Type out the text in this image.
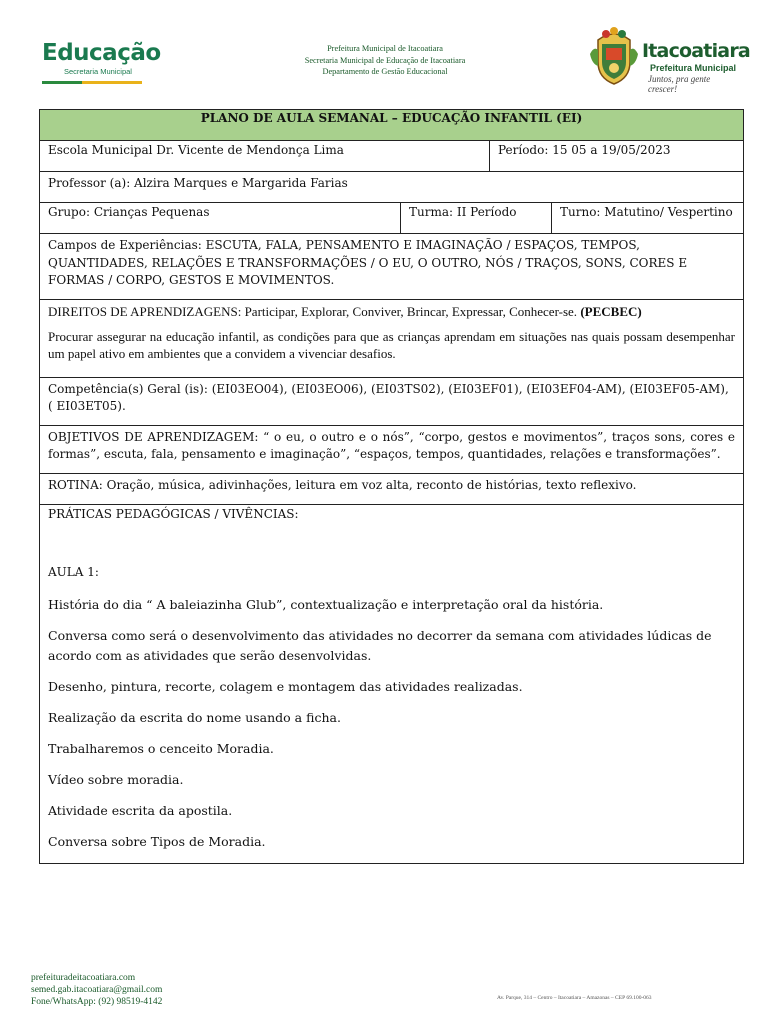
Educação
Secretaria Municipal
Prefeitura Municipal de Itacoatiara
Secretaria Municipal de Educação de Itacoatiara
Departamento de Gestão Educacional
Itacoatiara
Prefeitura Municipal
Juntos, pra gente crescer!
PLANO DE AULA SEMANAL – EDUCAÇÃO INFANTIL (EI)
Escola Municipal Dr. Vicente de Mendonça Lima	Período: 15 05 a 19/05/2023
Professor (a): Alzira Marques e Margarida Farias
Grupo: Crianças Pequenas	Turma: II Período	Turno: Matutino/ Vespertino
Campos de Experiências: ESCUTA, FALA, PENSAMENTO E IMAGINAÇÃO / ESPAÇOS, TEMPOS, QUANTIDADES, RELAÇÕES E TRANSFORMAÇÕES / O EU, O OUTRO, NÓS / TRAÇOS, SONS, CORES E FORMAS / CORPO, GESTOS E MOVIMENTOS.
DIREITOS DE APRENDIZAGENS: Participar, Explorar, Conviver, Brincar, Expressar, Conhecer-se. (PECBEC)
Procurar assegurar na educação infantil, as condições para que as crianças aprendam em situações nas quais possam desempenhar um papel ativo em ambientes que a convidem a vivenciar desafios.
Competência(s) Geral (is): (EI03EO04), (EI03EO06), (EI03TS02), (EI03EF01), (EI03EF04-AM), (EI03EF05-AM), ( EI03ET05).
OBJETIVOS DE APRENDIZAGEM: “ o eu, o outro e o nós”, “corpo, gestos e movimentos”, traços sons, cores e formas”, escuta, fala, pensamento e imaginação”, “espaços, tempos, quantidades, relações e transformações”.
ROTINA: Oração, música, adivinhações, leitura em voz alta, reconto de histórias, texto reflexivo.
PRÁTICAS PEDAGÓGICAS / VIVÊNCIAS:
AULA 1:
História do dia “ A baleiazinha Glub”, contextualização e interpretação oral da história.
Conversa como será o desenvolvimento das atividades no decorrer da semana com atividades lúdicas de acordo com as atividades que serão desenvolvidas.
Desenho, pintura, recorte, colagem e montagem das atividades realizadas.
Realização da escrita do nome usando a ficha.
Trabalharemos o cenceito Moradia.
Vídeo sobre moradia.
Atividade escrita da apostila.
Conversa sobre Tipos de Moradia.
prefeituradeitacoatiara.com
semed.gab.itacoatiara@gmail.com
Fone/WhatsApp: (92) 98519-4142	Av. Parque, 314 – Centro – Itacoatiara – Amazonas – CEP 69.100-063
